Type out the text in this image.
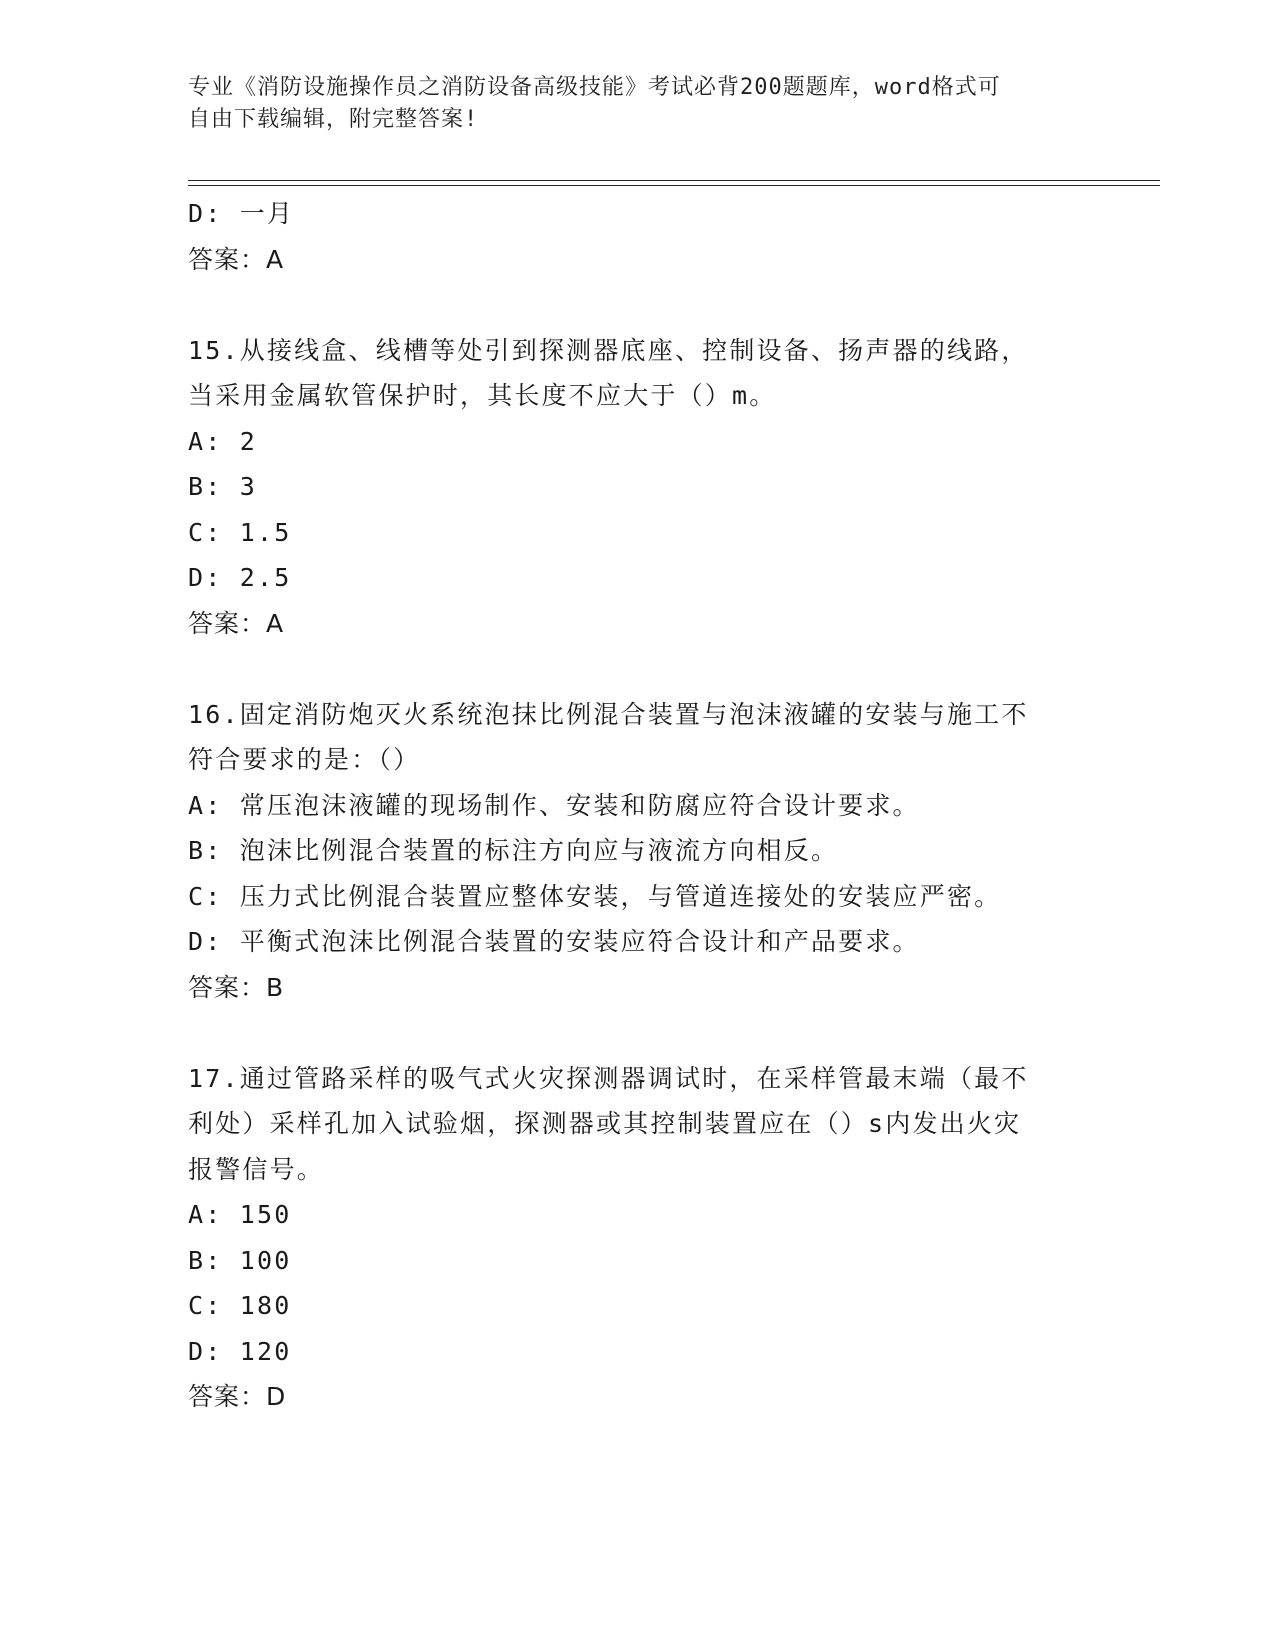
专业《消防设施操作员之消防设备高级技能》考试必背200题题库，word格式可
自由下载编辑，附完整答案!
D: 一月
答案：A
15.从接线盒、线槽等处引到探测器底座、控制设备、扬声器的线路，
当采用金属软管保护时，其长度不应大于（）m。
A: 2
B: 3
C: 1.5
D: 2.5
答案：A
16.固定消防炮灭火系统泡抹比例混合装置与泡沫液罐的安装与施工不
符合要求的是：（）
A: 常压泡沫液罐的现场制作、安装和防腐应符合设计要求。
B: 泡沫比例混合装置的标注方向应与液流方向相反。
C: 压力式比例混合装置应整体安装，与管道连接处的安装应严密。
D: 平衡式泡沫比例混合装置的安装应符合设计和产品要求。
答案：B
17.通过管路采样的吸气式火灾探测器调试时，在采样管最末端（最不
利处）采样孔加入试验烟，探测器或其控制装置应在（）s内发出火灾
报警信号。
A: 150
B: 100
C: 180
D: 120
答案：D
